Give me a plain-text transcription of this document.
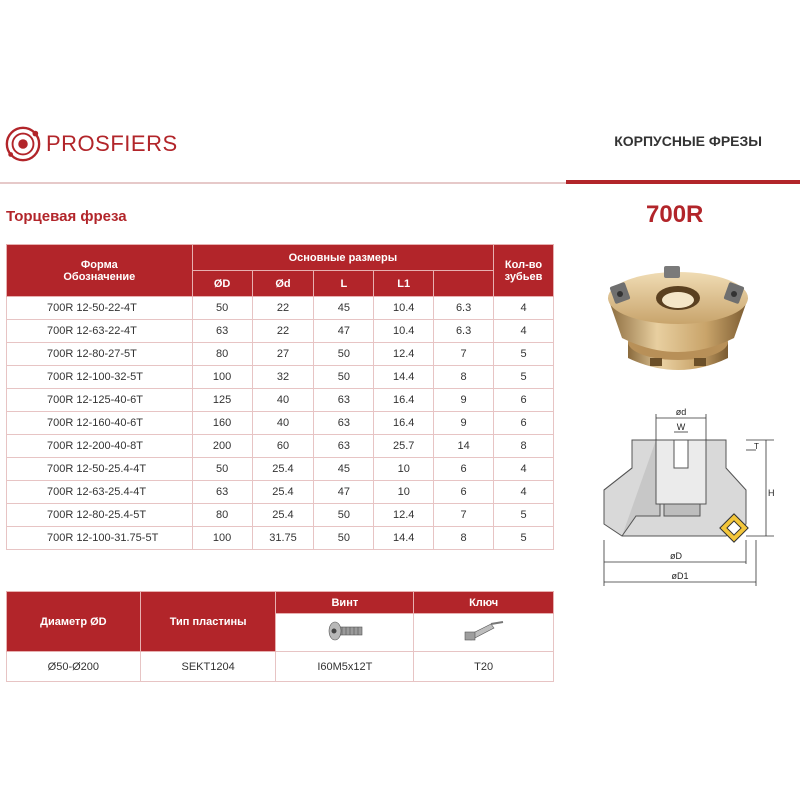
PROSFIERS	КОРПУСНЫЕ ФРЕЗЫ
Торцевая фреза	700R
Форма
Обозначение	Основные размеры					Кол-во
зубьев
	ØD	Ød	L	L1		
700R 12-50-22-4T	50	22	45	10.4	6.3	4
700R 12-63-22-4T	63	22	47	10.4	6.3	4
700R 12-80-27-5T	80	27	50	12.4	7	5
700R 12-100-32-5T	100	32	50	14.4	8	5
700R 12-125-40-6T	125	40	63	16.4	9	6
700R 12-160-40-6T	160	40	63	16.4	9	6
700R 12-200-40-8T	200	60	63	25.7	14	8
700R 12-50-25.4-4T	50	25.4	45	10	6	4
700R 12-63-25.4-4T	63	25.4	47	10	6	4
700R 12-80-25.4-5T	80	25.4	50	12.4	7	5
700R 12-100-31.75-5T	100	31.75	50	14.4	8	5
ød
W
T
H
øD
øD1
Диаметр ØD	Тип пластины	Винт	Ключ

Ø50-Ø200	SEKT1204	I60M5x12T	T20
